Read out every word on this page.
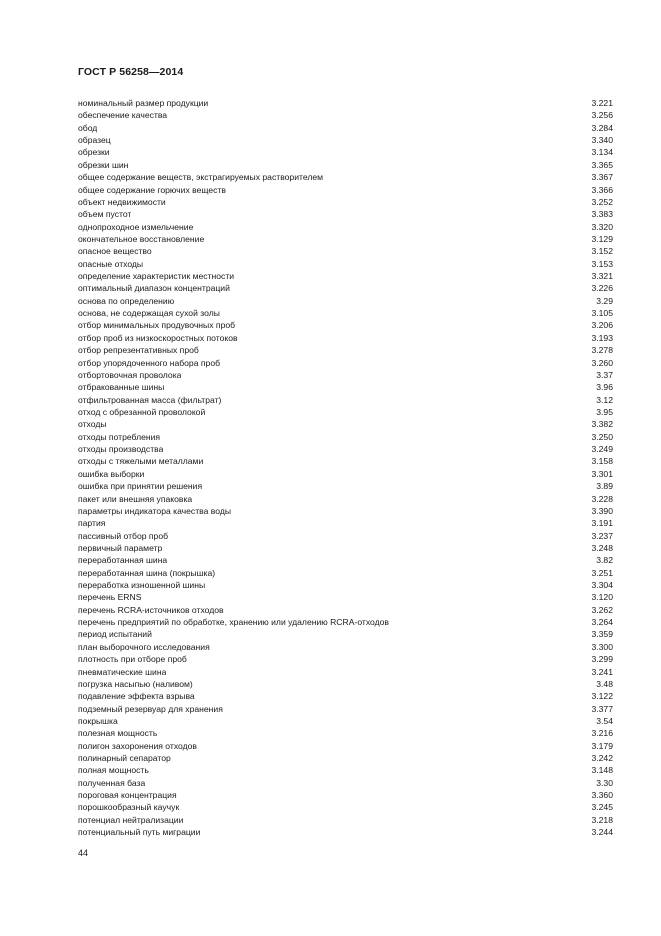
ГОСТ Р 56258—2014
номинальный размер продукции	3.221
обеспечение качества	3.256
обод	3.284
образец	3.340
обрезки	3.134
обрезки шин	3.365
общее содержание веществ, экстрагируемых растворителем	3.367
общее содержание горючих веществ	3.366
объект недвижимости	3.252
объем пустот	3.383
однопроходное измельчение	3.320
окончательное восстановление	3.129
опасное вещество	3.152
опасные отходы	3.153
определение характеристик местности	3.321
оптимальный диапазон концентраций	3.226
основа по определению	3.29
основа, не содержащая сухой золы	3.105
отбор минимальных продувочных проб	3.206
отбор проб из низкоскоростных потоков	3.193
отбор репрезентативных проб	3.278
отбор упорядоченного набора проб	3.260
отбортовочная проволока	3.37
отбракованные шины	3.96
отфильтрованная масса (фильтрат)	3.12
отход с обрезанной проволокой	3.95
отходы	3.382
отходы потребления	3.250
отходы производства	3.249
отходы с тяжелыми металлами	3.158
ошибка выборки	3.301
ошибка при принятии решения	3.89
пакет или внешняя упаковка	3.228
параметры индикатора качества воды	3.390
партия	3.191
пассивный отбор проб	3.237
первичный параметр	3.248
переработанная шина	3.82
переработанная шина (покрышка)	3.251
переработка изношенной шины	3.304
перечень ERNS	3.120
перечень RCRA-источников отходов	3.262
перечень предприятий по обработке, хранению или удалению RCRA-отходов	3.264
период испытаний	3.359
план выборочного исследования	3.300
плотность при отборе проб	3.299
пневматические шина	3.241
погрузка насыпью (наливом)	3.48
подавление эффекта взрыва	3.122
подземный резервуар для хранения	3.377
покрышка	3.54
полезная мощность	3.216
полигон захоронения отходов	3.179
полинарный сепаратор	3.242
полная мощность	3.148
полученная база	3.30
пороговая концентрация	3.360
порошкообразный каучук	3.245
потенциал нейтрализации	3.218
потенциальный путь миграции	3.244
44
